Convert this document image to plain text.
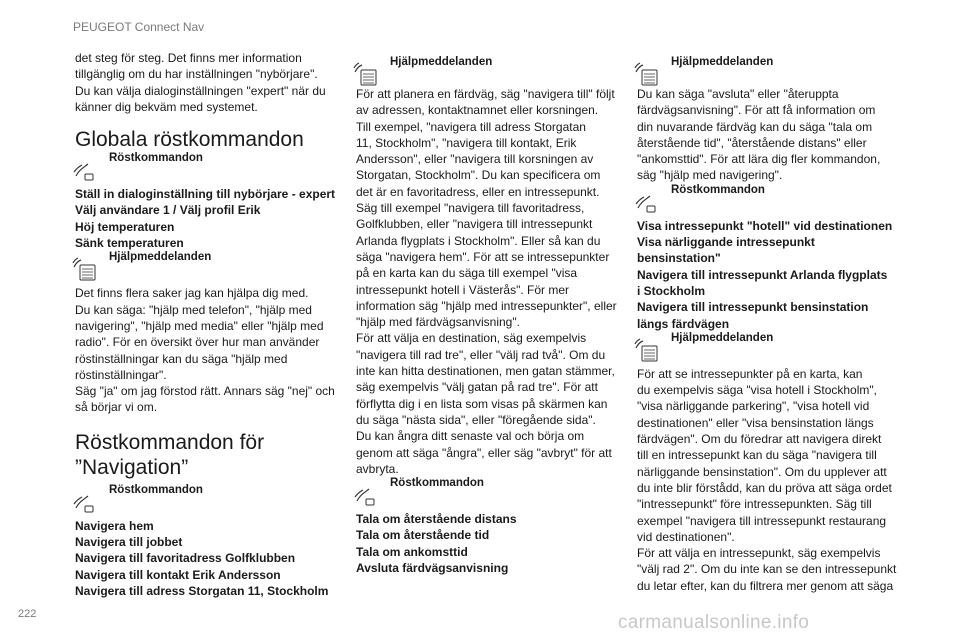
PEUGEOT Connect Nav

det steg för steg. Det finns mer information
tillgänglig om du har inställningen "nybörjare".
Du kan välja dialoginställningen "expert" när du
känner dig bekväm med systemet.

Globala röstkommandon
Röstkommandon

Ställ in dialoginställning till nybörjare - expert
Välj användare 1 / Välj profil Erik
Höj temperaturen
Sänk temperaturen

Hjälpmeddelanden

Det finns flera saker jag kan hjälpa dig med.
Du kan säga: "hjälp med telefon", "hjälp med
navigering", "hjälp med media" eller "hjälp med
radio". För en översikt över hur man använder
röstinställningar kan du säga "hjälp med
röstinställningar".
Säg "ja" om jag förstod rätt. Annars säg "nej" och
så börjar vi om.

Röstkommandon för
”Navigation”
Röstkommandon

Navigera hem
Navigera till jobbet
Navigera till favoritadress Golfklubben
Navigera till kontakt Erik Andersson
Navigera till adress Storgatan 11, Stockholm

Hjälpmeddelanden

För att planera en färdväg, säg "navigera till" följt
av adressen, kontaktnamnet eller korsningen.
Till exempel, "navigera till adress Storgatan
11, Stockholm", "navigera till kontakt, Erik
Andersson", eller "navigera till korsningen av
Storgatan, Stockholm". Du kan specificera om
det är en favoritadress, eller en intressepunkt.
Säg till exempel "navigera till favoritadress,
Golfklubben, eller "navigera till intressepunkt
Arlanda flygplats i Stockholm". Eller så kan du
säga "navigera hem". För att se intressepunkter
på en karta kan du säga till exempel "visa
intressepunkt hotell i Västerås". För mer
information säg "hjälp med intressepunkter", eller
"hjälp med färdvägsanvisning".
För att välja en destination, säg exempelvis
"navigera till rad tre", eller "välj rad två". Om du
inte kan hitta destinationen, men gatan stämmer,
säg exempelvis "välj gatan på rad tre". För att
förflytta dig i en lista som visas på skärmen kan
du säga "nästa sida", eller "föregående sida".
Du kan ångra ditt senaste val och börja om
genom att säga "ångra", eller säg "avbryt" för att
avbryta.

Röstkommandon

Tala om återstående distans
Tala om återstående tid
Tala om ankomsttid
Avsluta färdvägsanvisning

Hjälpmeddelanden

Du kan säga "avsluta" eller "återuppta
färdvägsanvisning". För att få information om
din nuvarande färdväg kan du säga "tala om
återstående tid", "återstående distans" eller
"ankomsttid". För att lära dig fler kommandon,
säg "hjälp med navigering".

Röstkommandon

Visa intressepunkt "hotell" vid destinationen
Visa närliggande intressepunkt
bensinstation"
Navigera till intressepunkt Arlanda flygplats
i Stockholm
Navigera till intressepunkt bensinstation
längs färdvägen

Hjälpmeddelanden

För att se intressepunkter på en karta, kan
du exempelvis säga "visa hotell i Stockholm",
"visa närliggande parkering", "visa hotell vid
destinationen" eller "visa bensinstation längs
färdvägen". Om du föredrar att navigera direkt
till en intressepunkt kan du säga "navigera till
närliggande bensinstation". Om du upplever att
du inte blir förstådd, kan du pröva att säga ordet
"intressepunkt" före intressepunkten. Säg till
exempel "navigera till intressepunkt restaurang
vid destinationen".
För att välja en intressepunkt, säg exempelvis
"välj rad 2". Om du inte kan se den intressepunkt
du letar efter, kan du filtrera mer genom att säga

222	carmanualsonline.info
